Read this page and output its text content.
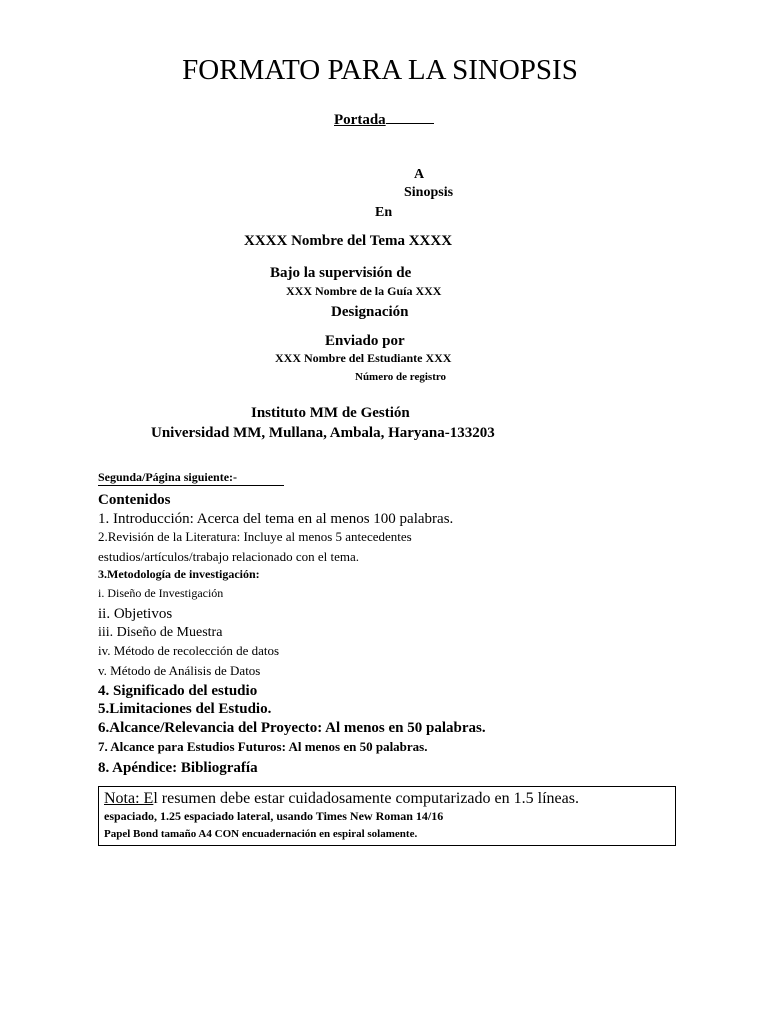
FORMATO PARA LA SINOPSIS
Portada
A
Sinopsis
En
XXXX Nombre del Tema XXXX
Bajo la supervisión de
XXX Nombre de la Guía XXX
Designación
Enviado por
XXX Nombre del Estudiante XXX
Número de registro
Instituto MM de Gestión
Universidad MM, Mullana, Ambala, Haryana-133203
Segunda/Página siguiente:-
Contenidos
1. Introducción: Acerca del tema en al menos 100 palabras.
2.Revisión de la Literatura: Incluye al menos 5 antecedentes
estudios/artículos/trabajo relacionado con el tema.
3.Metodología de investigación:
i. Diseño de Investigación
ii. Objetivos
iii. Diseño de Muestra
iv. Método de recolección de datos
v. Método de Análisis de Datos
4. Significado del estudio
5.Limitaciones del Estudio.
6.Alcance/Relevancia del Proyecto: Al menos en 50 palabras.
7. Alcance para Estudios Futuros: Al menos en 50 palabras.
8. Apéndice: Bibliografía
Nota: El resumen debe estar cuidadosamente computarizado en 1.5 líneas.
espaciado, 1.25 espaciado lateral, usando Times New Roman 14/16
Papel Bond tamaño A4 CON encuadernación en espiral solamente.
